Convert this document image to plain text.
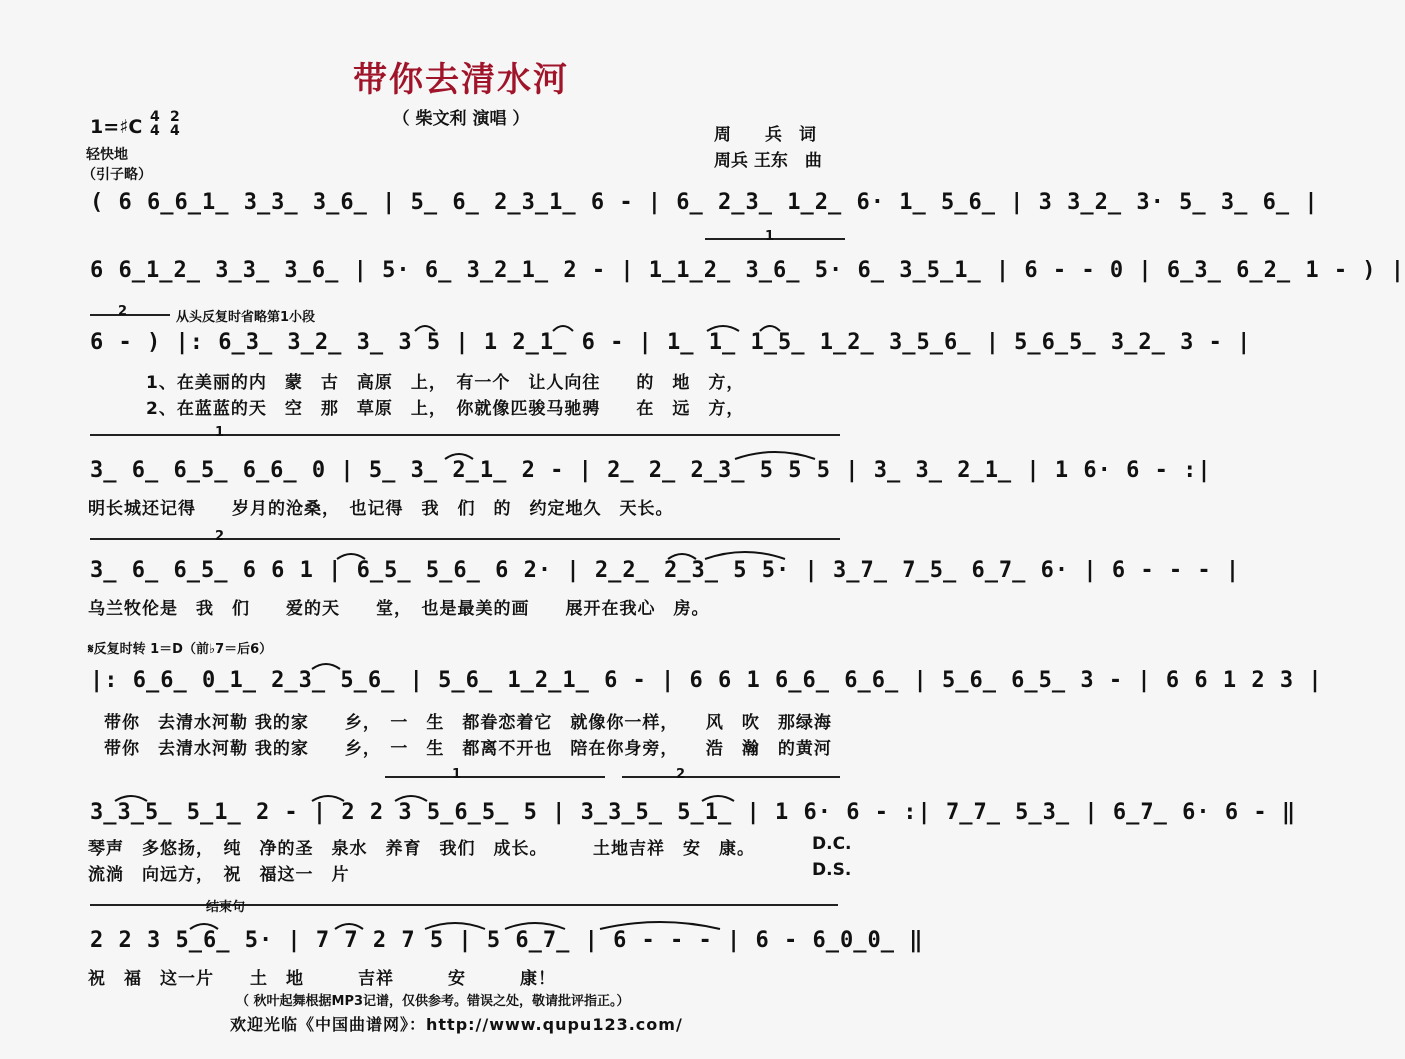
带你去清水河
（ 柴文利 演唱 ）
1=♯C 4
4
2
4
轻快地
（引子略）
周　　兵　词
周兵 王东　曲
( 6 6̲6̲1̲ 3̲3̲ 3̲6̲ | 5̲ 6̲ 2̲3̲1̲ 6 - | 6̲ 2̲3̲ 1̲2̲ 6· 1̲ 5̲6̲ | 3 3̲2̲ 3· 5̲ 3̲ 6̲ |
1
6 6̲1̲2̲ 3̲3̲ 3̲6̲ | 5· 6̲ 3̲2̲1̲ 2 - | 1̲1̲2̲ 3̲6̲ 5· 6̲ 3̲5̲1̲ | 6 - - 0 | 6̲3̲ 6̲2̲ 1 - ) |
2	从头反复时省略第1小段
6 - ) |: 6̲3̲ 3̲2̲ 3̲ 3 5 | 1 2̲1̲ 6 - | 1̲ 1̲ 1̲5̲ 1̲2̲ 3̲5̲6̲ | 5̲6̲5̲ 3̲2̲ 3 - |
1、在美丽的内　蒙　古　高原　上，　有一个　让人向往　　的　地　方，
2、在蓝蓝的天　空　那　草原　上，　你就像匹骏马驰骋　　在　远　方，
1
3̲ 6̲ 6̲5̲ 6̲6̲ 0 | 5̲ 3̲ 2̲1̲ 2 - | 2̲ 2̲ 2̲3̲ 5 5 5 | 3̲ 3̲ 2̲1̲ | 1 6· 6 - :|
明长城还记得　　岁月的沧桑，　也记得　我　们　的　约定地久　天长。
2
3̲ 6̲ 6̲5̲ 6 6 1 | 6̲5̲ 5̲6̲ 6 2· | 2̲2̲ 2̲3̲ 5 5· | 3̲7̲ 7̲5̲ 6̲7̲ 6· | 6 - - - |
乌兰牧伦是　我　们　　爱的天　　堂，　也是最美的画　　展开在我心　房。
𝄋反复时转 1＝D（前♭7＝后6）
|: 6̲6̲ 0̲1̲ 2̲3̲ 5̲6̲ | 5̲6̲ 1̲2̲1̲ 6 - | 6 6 1 6̲6̲ 6̲6̲ | 5̲6̲ 6̲5̲ 3 - | 6 6 1 2 3 |
带你　去清水河勒 我的家　　乡，　一　生　都眷恋着它　就像你一样，　　风　吹　那绿海
带你　去清水河勒 我的家　　乡，　一　生　都离不开也　陪在你身旁，　　浩　瀚　的黄河
1	2
3̲3̲5̲ 5̲1̲ 2 - | 2 2 3 5̲6̲5̲ 5 | 3̲3̲5̲ 5̲1̲ | 1 6· 6 - :| 7̲7̲ 5̲3̲ | 6̲7̲ 6· 6 - ‖
琴声　多悠扬，　纯　净的圣　泉水　养育　我们　成长。　　　土地吉祥　安　康。
流淌　向远方，　祝　福这一　片
D.C.
D.S.
结束句
2 2 3 5̲6̲ 5· | 7 7 2 7 5 | 5 6̲7̲ | 6 - - - | 6 - 6̲0̲0̲ ‖
祝　福　这一片　　土　地　　　吉祥　　　安　　　康！
（ 秋叶起舞根据MP3记谱，仅供参考。错误之处，敬请批评指正。）
欢迎光临《中国曲谱网》：http://www.qupu123.com/
